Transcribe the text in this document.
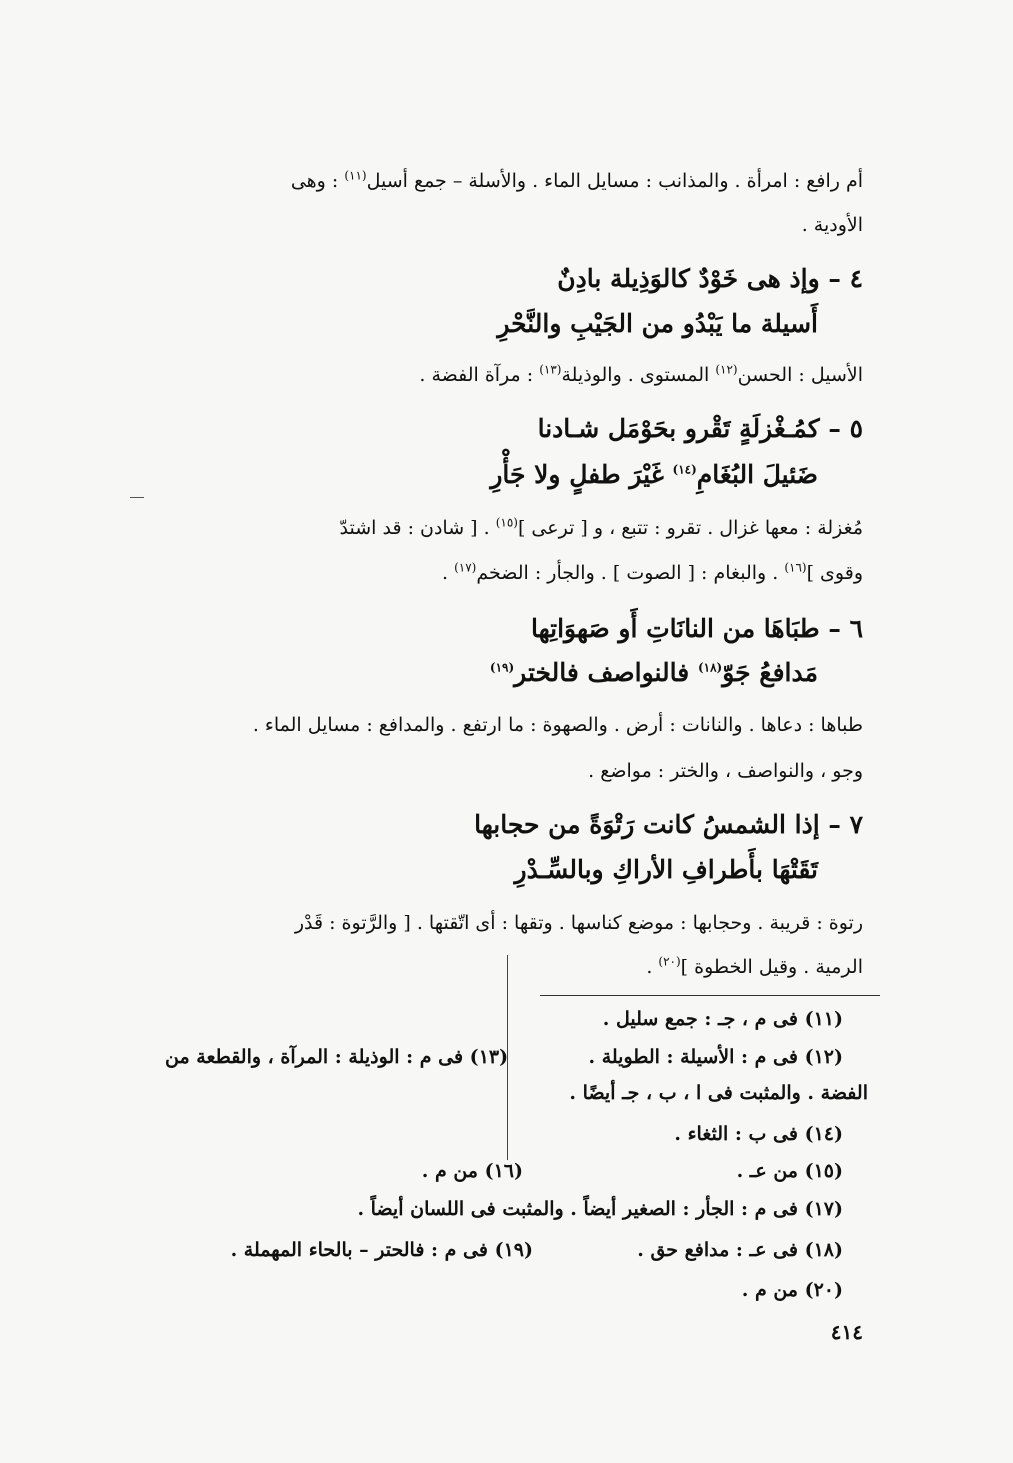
أم رافع : امرأة . والمذانب : مسايل الماء . والأسلة – جمع أسيل$^{(١١)}$ : وهى
الأودية .
٤ – وإذ هى خَوْدٌ كالوَذِيلة بادِنٌ
أَسيلة ما يَبْدُو من الجَيْبِ والنَّحْرِ
الأسيل : الحسن$^{(١٢)}$ المستوى . والوذيلة$^{(١٣)}$ : مرآة الفضة .
٥ – كمُـغْزلَةٍ تَقْرو بحَوْمَل شـادنا
ضَئيلَ البُغَامِ$^{(١٤)}$ غَيْرَ طفلٍ ولا جَأْرِ
مُغزلة : معها غزال . تقرو : تتبع ، و [ ترعى ]$^{(١٥)}$ . [ شادن : قد اشتدّ
وقوى ]$^{(١٦)}$ . والبغام : [ الصوت ] . والجأر : الضخم$^{(١٧)}$ .
٦ – طبَاهَا من النانَاتِ أَو صَهوَاتِها
مَدافعُ جَوّ$^{(١٨)}$ فالنواصف فالختر$^{(١٩)}$
طباها : دعاها . والنانات : أرض . والصهوة : ما ارتفع . والمدافع : مسايل الماء .
وجو ، والنواصف ، والختر : مواضع .
٧ – إذا الشمسُ كانت رَتْوَةً من حجابها
تَقَتْهَا بأَطرافِ الأراكِ وبالسِّـدْرِ
رتوة : قريبة . وحجابها : موضع كناسها . وتقها : أى اتّقتها . [ والرَّتوة : قَدْر
الرمية . وقيل الخطوة ]$^{(٢٠)}$ .
(١١) فى م ، جـ : جمع سليل .
(١٢) فى م : الأسيلة : الطويلة .
(١٣) فى م : الوذيلة : المرآة ، والقطعة من
الفضة . والمثبت فى ا ، ب ، جـ أيضًا .
(١٤) فى ب : الثغاء .
(١٥) من عـ .
(١٦) من م .
(١٧) فى م : الجأر : الصغير أيضاً . والمثبت فى اللسان أيضاً .
(١٨) فى عـ : مدافع حق .
(١٩) فى م : فالحتر – بالحاء المهملة .
(٢٠) من م .
٤١٤
